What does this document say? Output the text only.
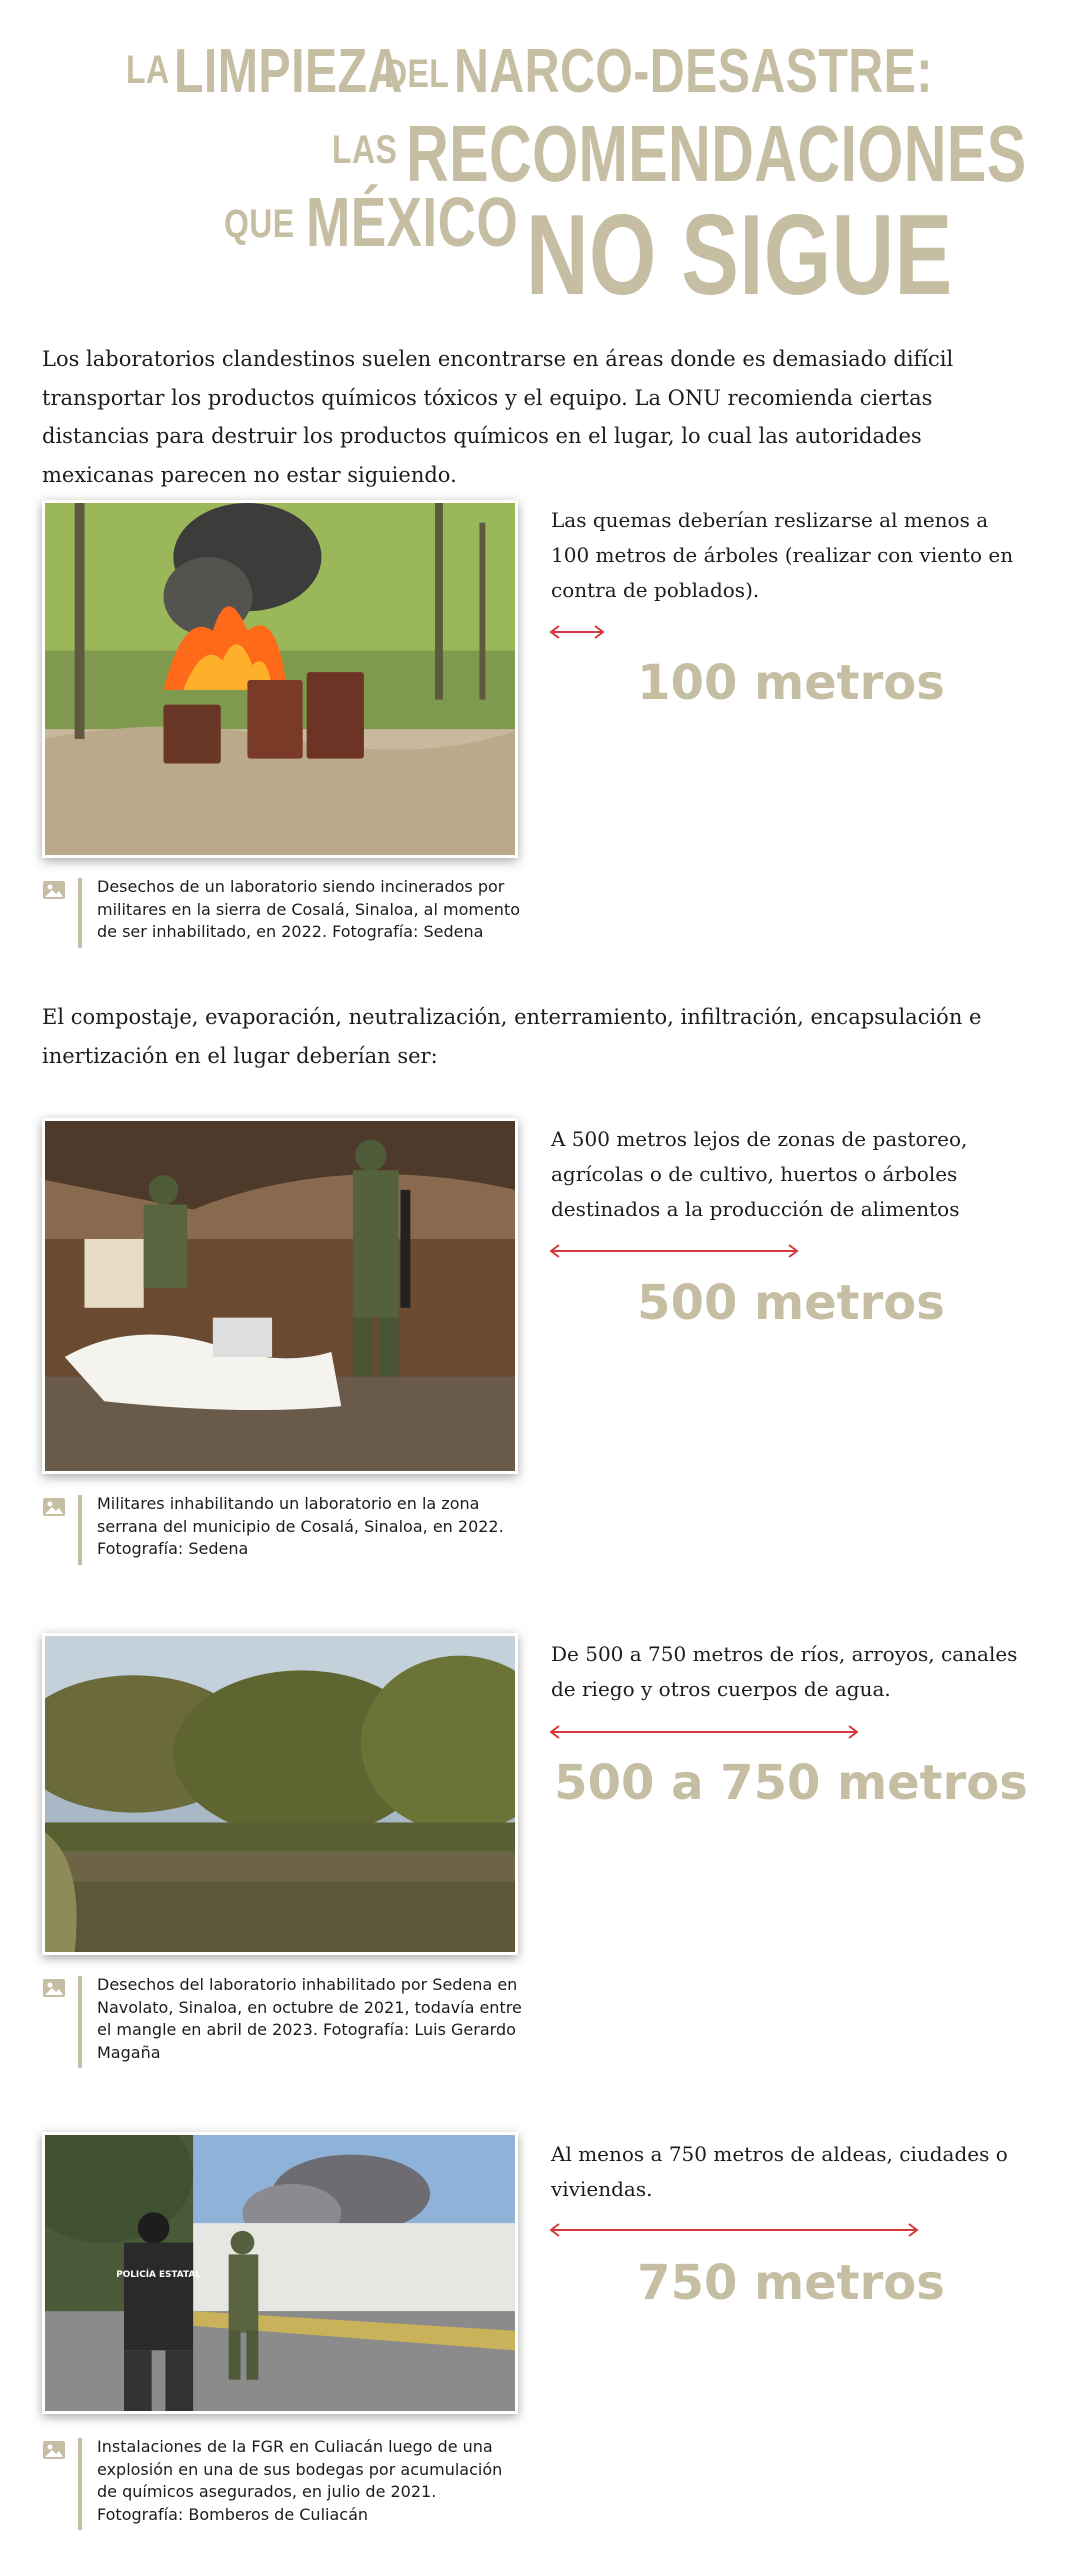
LA LIMPIEZA
DEL NARCO-DESASTRE:
LAS RECOMENDACIONES
QUE MÉXICO NO SIGUE

Los laboratorios clandestinos suelen encontrarse en áreas donde es demasiado difícil transportar los productos químicos tóxicos y el equipo. La ONU recomienda ciertas distancias para destruir los productos químicos en el lugar, lo cual las autoridades mexicanas parecen no estar siguiendo.

Desechos de un laboratorio siendo incinerados por militares en la sierra de Cosalá, Sinaloa, al momento de ser inhabilitado, en 2022. Fotografía: Sedena

Las quemas deberían reslizarse al menos a 100 metros de árboles (realizar con viento en contra de poblados).

100 metros

El compostaje, evaporación, neutralización, enterramiento, infiltración, encapsulación e inertización en el lugar deberían ser:

Militares inhabilitando un laboratorio en la zona serrana del municipio de Cosalá, Sinaloa, en 2022. Fotografía: Sedena

A 500 metros lejos de zonas de pastoreo, agrícolas o de cultivo, huertos o árboles destinados a la producción de alimentos

500 metros

Desechos del laboratorio inhabilitado por Sedena en Navolato, Sinaloa, en octubre de 2021, todavía entre el mangle en abril de 2023. Fotografía: Luis Gerardo Magaña

De 500 a 750 metros de ríos, arroyos, canales de riego y otros cuerpos de agua.

500 a 750 metros
POLICÍA ESTATAL

Instalaciones de la FGR en Culiacán luego de una explosión en una de sus bodegas por acumulación de químicos asegurados, en julio de 2021. Fotografía: Bomberos de Culiacán

Al menos a 750 metros de aldeas, ciudades o viviendas.

750 metros
